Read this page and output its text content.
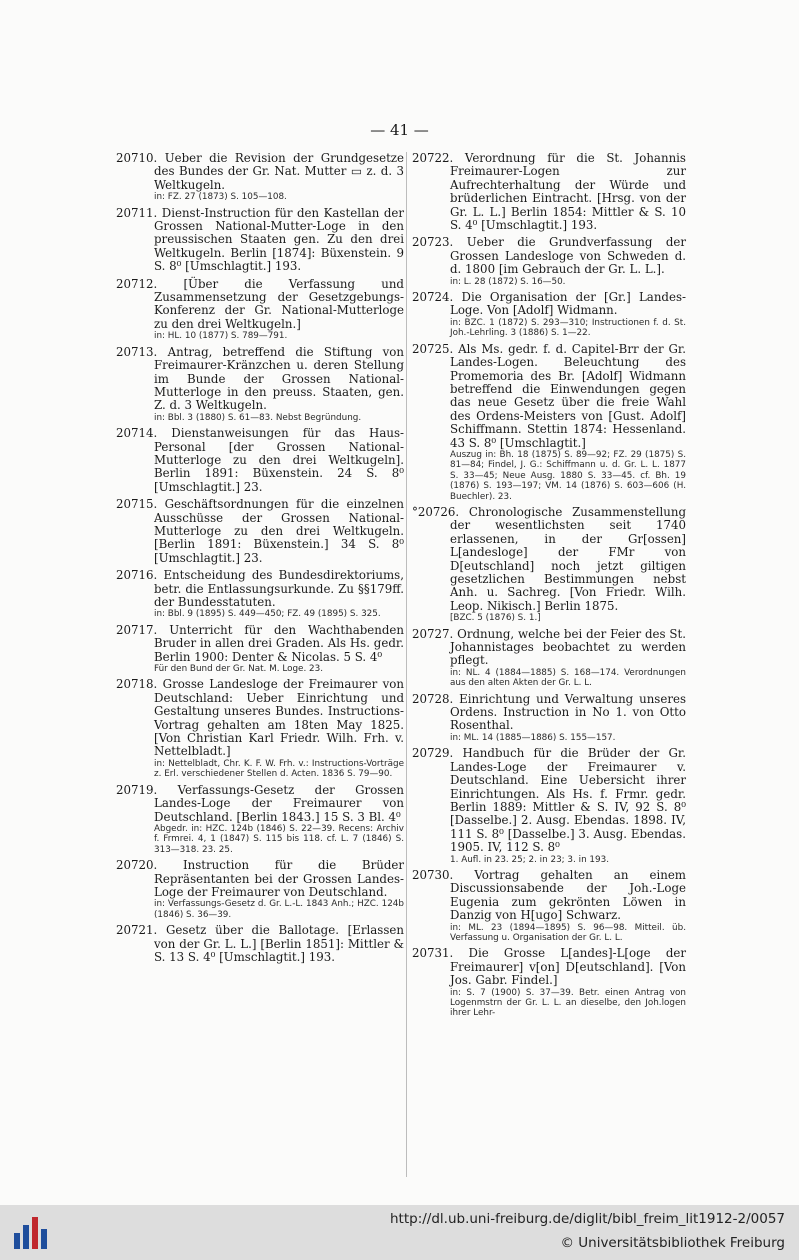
— 41 —
20710. Ueber die Revision der Grundgesetze des Bundes der Gr. Nat. Mutter ▭ z. d. 3 Weltkugeln.
in: FZ. 27 (1873) S. 105—108.
20711. Dienst-Instruction für den Kastellan der Grossen National-Mutter-Loge in den preussischen Staaten gen. Zu den drei Weltkugeln. Berlin [1874]: Büxenstein. 9 S. 8⁰ [Umschlagtit.] 193.
20712. [Über die Verfassung und Zusammensetzung der Gesetzgebungs-Konferenz der Gr. National-Mutterloge zu den drei Weltkugeln.]
in: HL. 10 (1877) S. 789—791.
20713. Antrag, betreffend die Stiftung von Freimaurer-Kränzchen u. deren Stellung im Bunde der Grossen National-Mutterloge in den preuss. Staaten, gen. Z. d. 3 Weltkugeln.
in: Bbl. 3 (1880) S. 61—83. Nebst Begründung.
20714. Dienstanweisungen für das Haus-Personal [der Grossen National-Mutterloge zu den drei Weltkugeln]. Berlin 1891: Büxenstein. 24 S. 8⁰ [Umschlagtit.] 23.
20715. Geschäftsordnungen für die einzelnen Ausschüsse der Grossen National-Mutterloge zu den drei Weltkugeln. [Berlin 1891: Büxenstein.] 34 S. 8⁰ [Umschlagtit.] 23.
20716. Entscheidung des Bundesdirektoriums, betr. die Entlassungsurkunde. Zu §§179ff. der Bundesstatuten.
in: Bbl. 9 (1895) S. 449—450; FZ. 49 (1895) S. 325.
20717. Unterricht für den Wachthabenden Bruder in allen drei Graden. Als Hs. gedr. Berlin 1900: Denter & Nicolas. 5 S. 4⁰
Für den Bund der Gr. Nat. M. Loge. 23.
20718. Grosse Landesloge der Freimaurer von Deutschland: Ueber Einrichtung und Gestaltung unseres Bundes. Instructions-Vortrag gehalten am 18ten May 1825. [Von Christian Karl Friedr. Wilh. Frh. v. Nettelbladt.]
in: Nettelbladt, Chr. K. F. W. Frh. v.: Instructions-Vorträge z. Erl. verschiedener Stellen d. Acten. 1836 S. 79—90.
20719. Verfassungs-Gesetz der Grossen Landes-Loge der Freimaurer von Deutschland. [Berlin 1843.] 15 S. 3 Bl. 4⁰
Abgedr. in: HZC. 124b (1846) S. 22—39. Recens: Archiv f. Frmrei. 4, 1 (1847) S. 115 bis 118. cf. L. 7 (1846) S. 313—318. 23. 25.
20720. Instruction für die Brüder Repräsentanten bei der Grossen Landes-Loge der Freimaurer von Deutschland.
in: Verfassungs-Gesetz d. Gr. L.-L. 1843 Anh.; HZC. 124b (1846) S. 36—39.
20721. Gesetz über die Ballotage. [Erlassen von der Gr. L. L.] [Berlin 1851]: Mittler & S. 13 S. 4⁰ [Umschlagtit.] 193.
20722. Verordnung für die St. Johannis Freimaurer-Logen zur Aufrechterhaltung der Würde und brüderlichen Eintracht. [Hrsg. von der Gr. L. L.] Berlin 1854: Mittler & S. 10 S. 4⁰ [Umschlagtit.] 193.
20723. Ueber die Grundverfassung der Grossen Landesloge von Schweden d. d. 1800 [im Gebrauch der Gr. L. L.].
in: L. 28 (1872) S. 16—50.
20724. Die Organisation der [Gr.] Landes-Loge. Von [Adolf] Widmann.
in: BZC. 1 (1872) S. 293—310; Instructionen f. d. St. Joh.-Lehrling. 3 (1886) S. 1—22.
20725. Als Ms. gedr. f. d. Capitel-Brr der Gr. Landes-Logen. Beleuchtung des Promemoria des Br. [Adolf] Widmann betreffend die Einwendungen gegen das neue Gesetz über die freie Wahl des Ordens-Meisters von [Gust. Adolf] Schiffmann. Stettin 1874: Hessenland. 43 S. 8⁰ [Umschlagtit.]
Auszug in: Bh. 18 (1875) S. 89—92; FZ. 29 (1875) S. 81—84; Findel, J. G.: Schiffmann u. d. Gr. L. L. 1877 S. 33—45; Neue Ausg. 1880 S. 33—45. cf. Bh. 19 (1876) S. 193—197; VM. 14 (1876) S. 603—606 (H. Buechler). 23.
°20726. Chronologische Zusammenstellung der wesentlichsten seit 1740 erlassenen, in der Gr[ossen] L[andesloge] der FMr von D[eutschland] noch jetzt giltigen gesetzlichen Bestimmungen nebst Anh. u. Sachreg. [Von Friedr. Wilh. Leop. Nikisch.] Berlin 1875.
[BZC. 5 (1876) S. 1.]
20727. Ordnung, welche bei der Feier des St. Johannistages beobachtet zu werden pflegt.
in: NL. 4 (1884—1885) S. 168—174. Verordnungen aus den alten Akten der Gr. L. L.
20728. Einrichtung und Verwaltung unseres Ordens. Instruction in No 1. von Otto Rosenthal.
in: ML. 14 (1885—1886) S. 155—157.
20729. Handbuch für die Brüder der Gr. Landes-Loge der Freimaurer v. Deutschland. Eine Uebersicht ihrer Einrichtungen. Als Hs. f. Frmr. gedr. Berlin 1889: Mittler & S. IV, 92 S. 8⁰ [Dasselbe.] 2. Ausg. Ebendas. 1898. IV, 111 S. 8⁰ [Dasselbe.] 3. Ausg. Ebendas. 1905. IV, 112 S. 8⁰
1. Aufl. in 23. 25; 2. in 23; 3. in 193.
20730. Vortrag gehalten an einem Discussionsabende der Joh.-Loge Eugenia zum gekrönten Löwen in Danzig von H[ugo] Schwarz.
in: ML. 23 (1894—1895) S. 96—98. Mitteil. üb. Verfassung u. Organisation der Gr. L. L.
20731. Die Grosse L[andes]-L[oge der Freimaurer] v[on] D[eutschland]. [Von Jos. Gabr. Findel.]
in: S. 7 (1900) S. 37—39. Betr. einen Antrag von Logenmstrn der Gr. L. L. an dieselbe, den Joh.logen ihrer Lehr-
http://dl.ub.uni-freiburg.de/diglit/bibl_freim_lit1912-2/0057
© Universitätsbibliothek Freiburg
